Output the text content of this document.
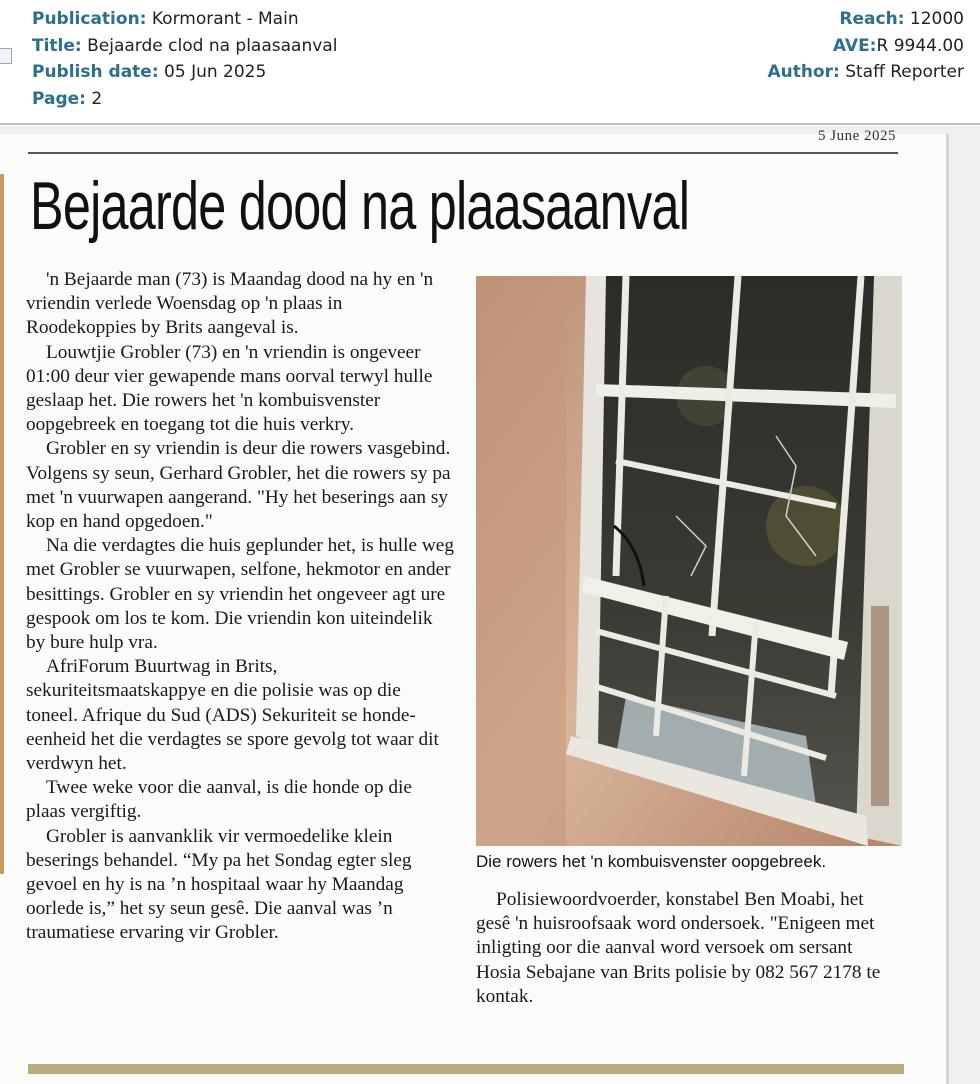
Publication: Kormorant - Main
Title: Bejaarde clod na plaasaanval
Publish date: 05 Jun 2025
Page: 2
Reach: 12000
AVE:R 9944.00
Author: Staff Reporter
5 June 2025
Bejaarde dood na plaasaanval

'n Bejaarde man (73) is Maandag dood na hy en 'n vriendin verlede Woensdag op 'n plaas in Roodekoppies by Brits aangeval is.

Louwtjie Grobler (73) en 'n vriendin is ongeveer 01:00 deur vier gewapende mans oorval terwyl hulle geslaap het. Die rowers het 'n kombuisvenster oopgebreek en toegang tot die huis verkry.

Grobler en sy vriendin is deur die rowers vasgebind. Volgens sy seun, Gerhard Grobler, het die rowers sy pa met 'n vuurwapen aangerand. "Hy het beserings aan sy kop en hand opgedoen."

Na die verdagtes die huis geplunder het, is hulle weg met Grobler se vuurwapen, selfone, hekmotor en ander besittings. Grobler en sy vriendin het ongeveer agt ure gespook om los te kom. Die vriendin kon uiteindelik by bure hulp vra.

AfriForum Buurtwag in Brits, sekuriteitsmaatskappye en die polisie was op die toneel. Afrique du Sud (ADS) Sekuriteit se honde-eenheid het die verdagtes se spore gevolg tot waar dit verdwyn het.

Twee weke voor die aanval, is die honde op die plaas vergiftig.

Grobler is aanvanklik vir vermoedelike klein beserings behandel. “My pa het Sondag egter sleg gevoel en hy is na ’n hospitaal waar hy Maandag oorlede is,” het sy seun gesê. Die aanval was ’n traumatiese ervaring vir Grobler.

Die rowers het 'n kombuisvenster oopgebreek.

Polisiewoordvoerder, konstabel Ben Moabi, het gesê 'n huisroofsaak word ondersoek. "Enigeen met inligting oor die aanval word versoek om sersant Hosia Sebajane van Brits polisie by 082 567 2178 te kontak.
